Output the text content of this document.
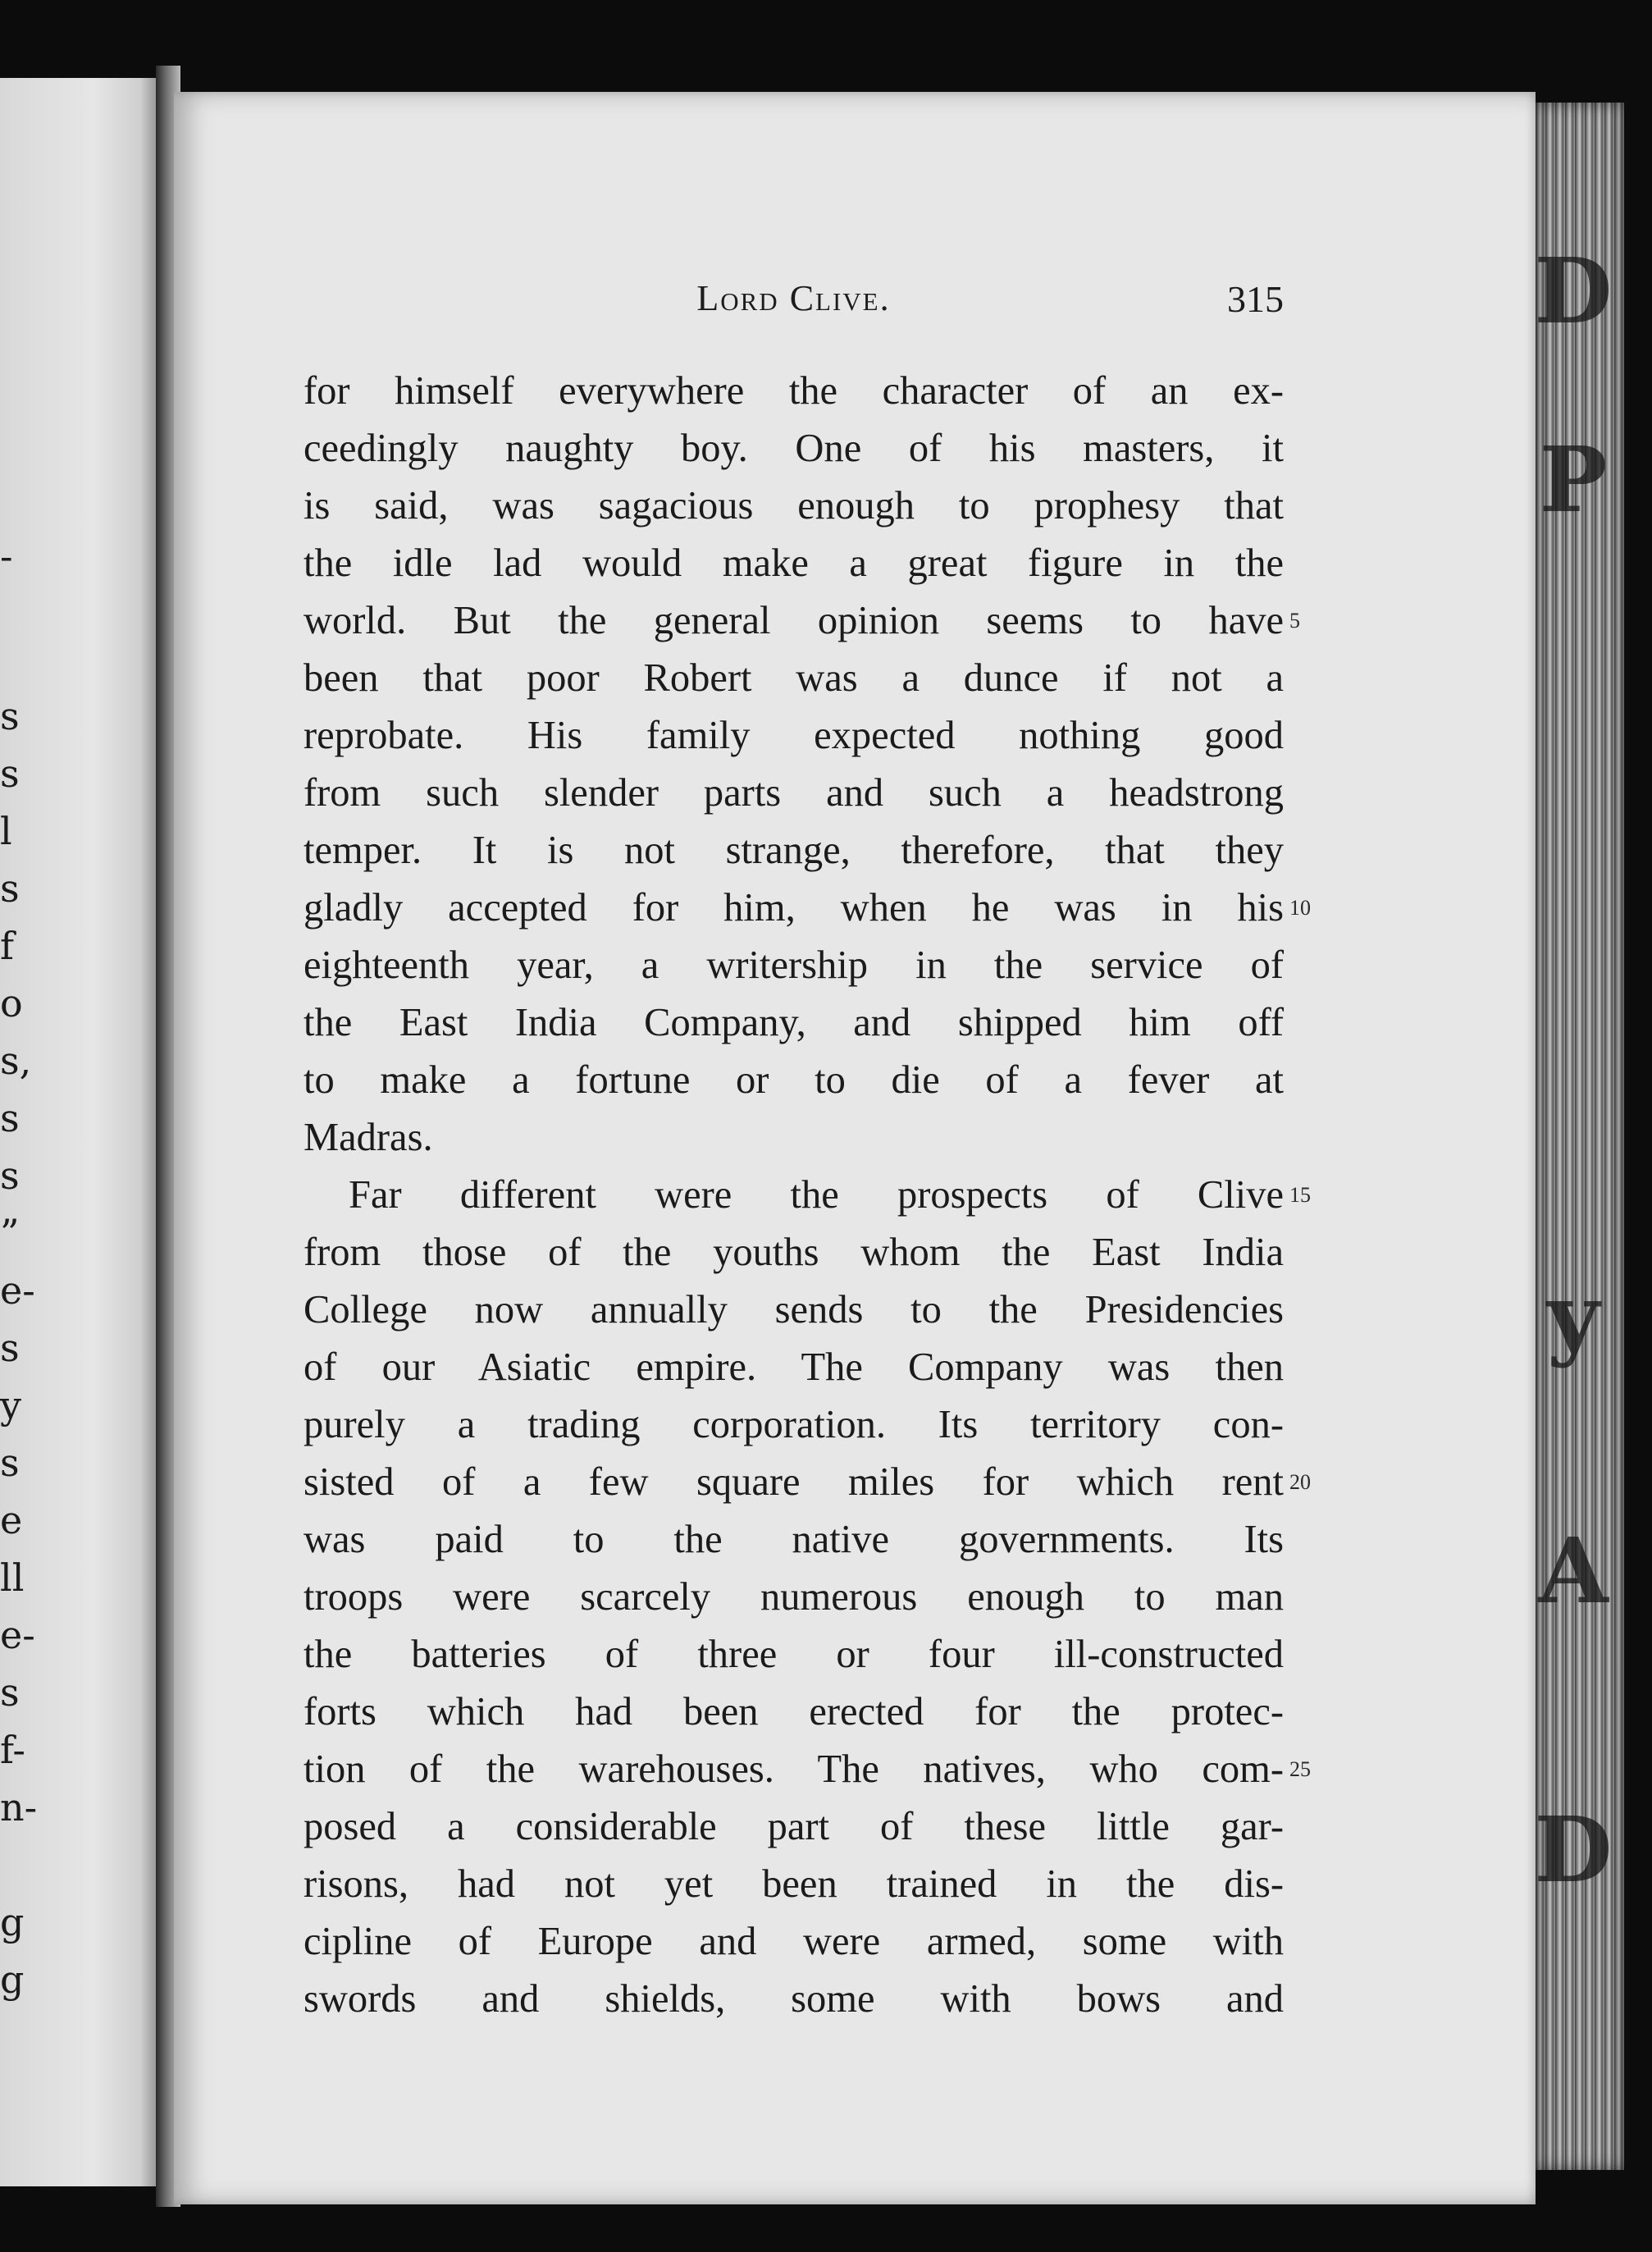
-
s
s
l
s
f
o
s,
s
s
”
e-
s
y
s
e
ll
e-
s
f-
n-
g
g
D
P
y
A
D
Lord Clive.	315
for himself everywhere the character of an ex-
ceedingly naughty boy. One of his masters, it
is said, was sagacious enough to prophesy that
the idle lad would make a great figure in the
world. But the general opinion seems to have
been that poor Robert was a dunce if not a
reprobate. His family expected nothing good
from such slender parts and such a headstrong
temper. It is not strange, therefore, that they
gladly accepted for him, when he was in his
eighteenth year, a writership in the service of
the East India Company, and shipped him off
to make a fortune or to die of a fever at
Madras.
Far different were the prospects of Clive
from those of the youths whom the East India
College now annually sends to the Presidencies
of our Asiatic empire. The Company was then
purely a trading corporation. Its territory con-
sisted of a few square miles for which rent
was paid to the native governments. Its
troops were scarcely numerous enough to man
the batteries of three or four ill-constructed
forts which had been erected for the protec-
tion of the warehouses. The natives, who com-
posed a considerable part of these little gar-
risons, had not yet been trained in the dis-
cipline of Europe and were armed, some with
swords and shields, some with bows and
5
10
15
20
25
